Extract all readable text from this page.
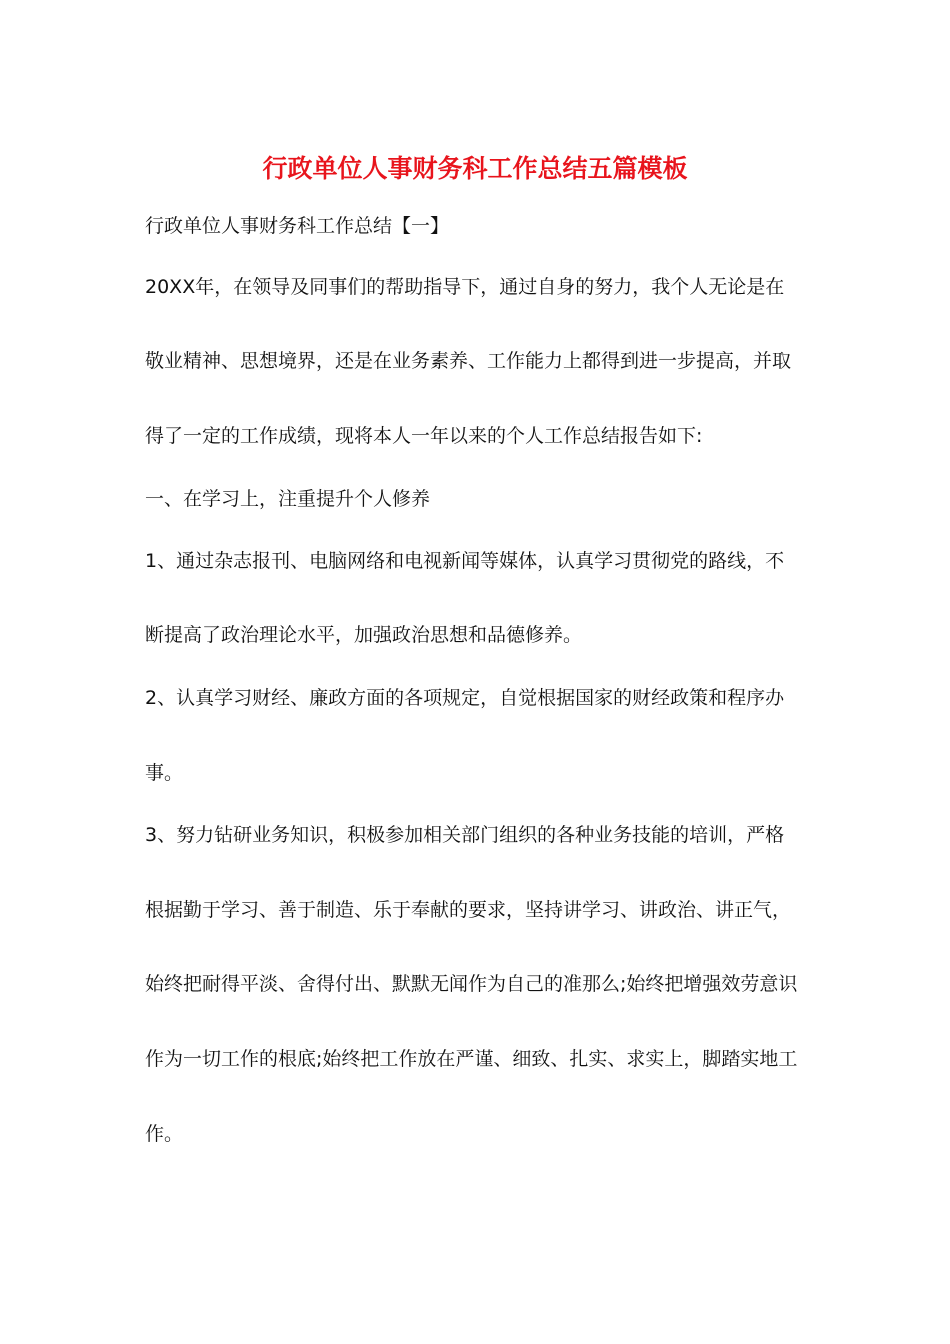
行政单位人事财务科工作总结五篇模板

行政单位人事财务科工作总结【一】

20XX年，在领导及同事们的帮助指导下，通过自身的努力，我个人无论是在

敬业精神、思想境界，还是在业务素养、工作能力上都得到进一步提高，并取

得了一定的工作成绩，现将本人一年以来的个人工作总结报告如下:

一、在学习上，注重提升个人修养

1、通过杂志报刊、电脑网络和电视新闻等媒体，认真学习贯彻党的路线，不

断提高了政治理论水平，加强政治思想和品德修养。

2、认真学习财经、廉政方面的各项规定，自觉根据国家的财经政策和程序办

事。

3、努力钻研业务知识，积极参加相关部门组织的各种业务技能的培训，严格

根据勤于学习、善于制造、乐于奉献的要求，坚持讲学习、讲政治、讲正气，

始终把耐得平淡、舍得付出、默默无闻作为自己的准那么;始终把增强效劳意识

作为一切工作的根底;始终把工作放在严谨、细致、扎实、求实上，脚踏实地工

作。
